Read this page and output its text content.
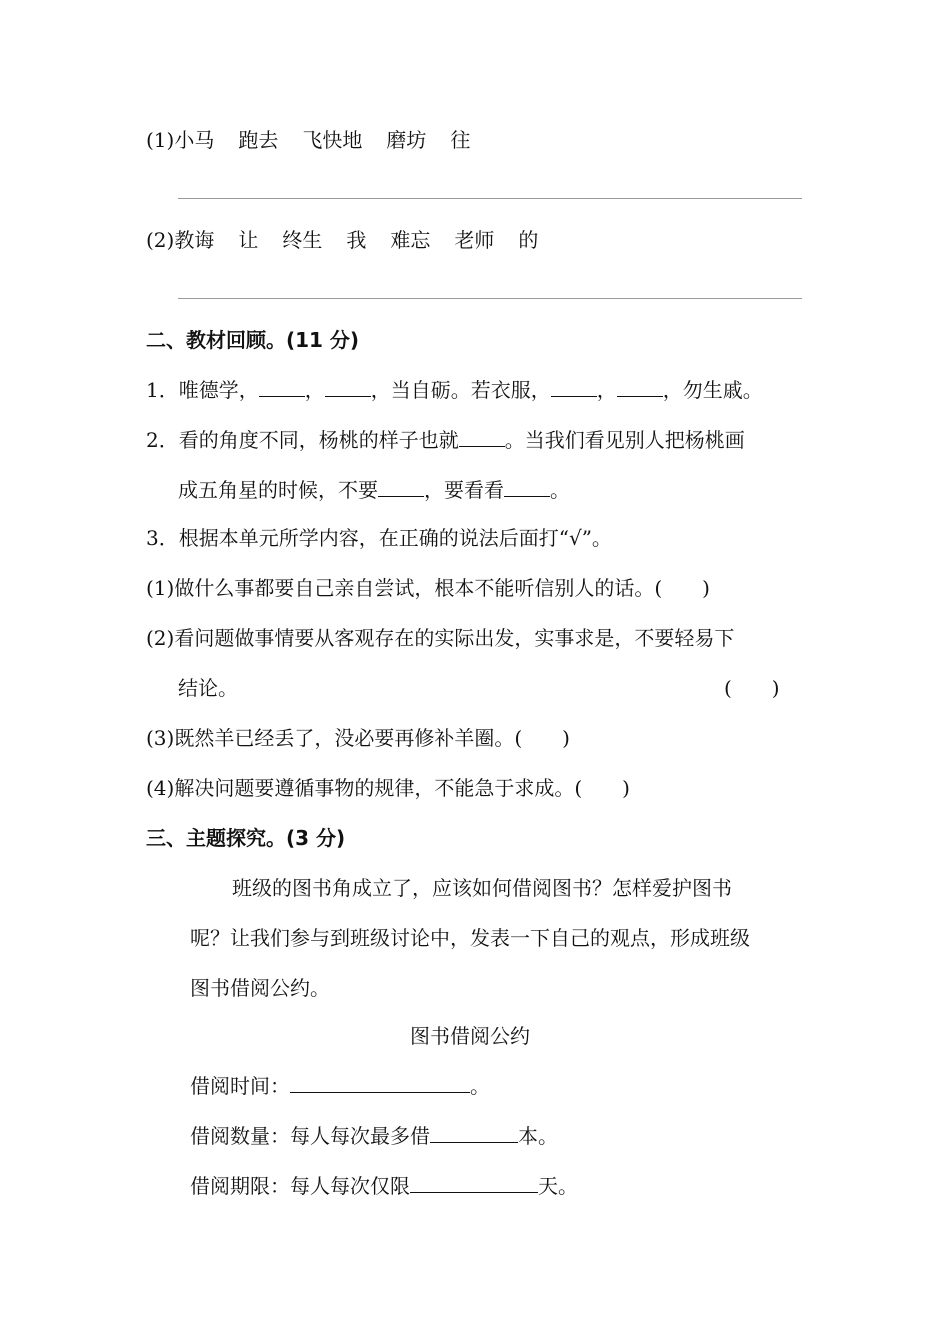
(1)小马 跑去 飞快地 磨坊 往
(2)教诲 让 终生 我 难忘 老师 的
二、教材回顾。(11 分)
1．唯德学， ， ，当自砺。若衣服， ， ，勿生戚。
2．看的角度不同，杨桃的样子也就 。当我们看见别人把杨桃画
成五角星的时候，不要 ，要看看 。
3．根据本单元所学内容，在正确的说法后面打“√”。
(1)做什么事都要自己亲自尝试，根本不能听信别人的话。(　　)
(2)看问题做事情要从客观存在的实际出发，实事求是，不要轻易下
结论。	(　　)
(3)既然羊已经丢了，没必要再修补羊圈。(　　)
(4)解决问题要遵循事物的规律，不能急于求成。(　　)
三、主题探究。(3 分)
班级的图书角成立了，应该如何借阅图书？怎样爱护图书
呢？让我们参与到班级讨论中，发表一下自己的观点，形成班级
图书借阅公约。
图书借阅公约
借阅时间：	。
借阅数量：每人每次最多借	本。
借阅期限：每人每次仅限	天。
